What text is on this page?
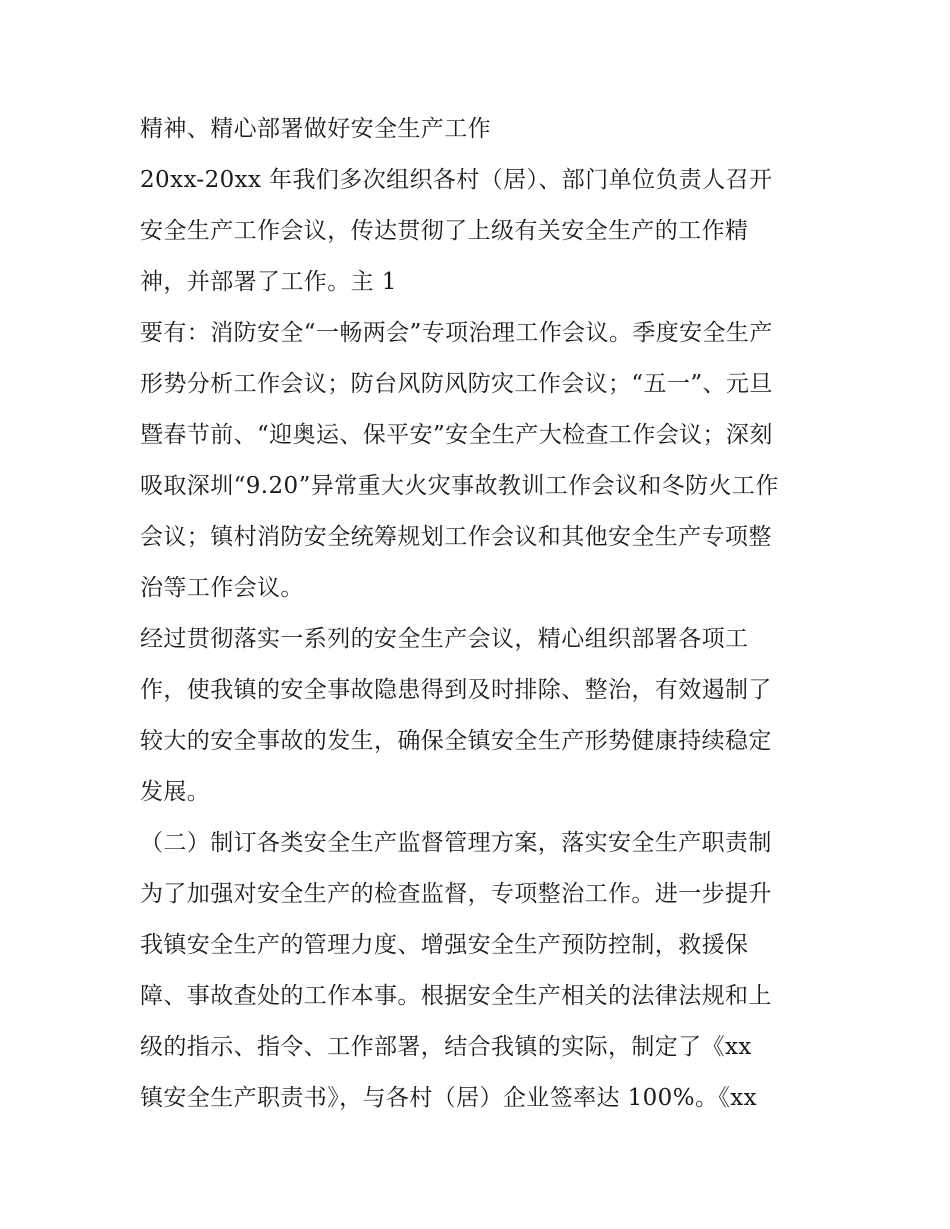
精神、精心部署做好安全生产工作
20xx-20xx 年我们多次组织各村（居）、部门单位负责人召开
安全生产工作会议，传达贯彻了上级有关安全生产的工作精
神，并部署了工作。主 1
要有：消防安全“一畅两会”专项治理工作会议。季度安全生产
形势分析工作会议；防台风防风防灾工作会议；“五一”、元旦
暨春节前、“迎奥运、保平安”安全生产大检查工作会议；深刻
吸取深圳“9.20”异常重大火灾事故教训工作会议和冬防火工作
会议；镇村消防安全统筹规划工作会议和其他安全生产专项整
治等工作会议。
经过贯彻落实一系列的安全生产会议，精心组织部署各项工
作，使我镇的安全事故隐患得到及时排除、整治，有效遏制了
较大的安全事故的发生，确保全镇安全生产形势健康持续稳定
发展。
（二）制订各类安全生产监督管理方案，落实安全生产职责制
为了加强对安全生产的检查监督，专项整治工作。进一步提升
我镇安全生产的管理力度、增强安全生产预防控制，救援保
障、事故查处的工作本事。根据安全生产相关的法律法规和上
级的指示、指令、工作部署，结合我镇的实际，制定了《xx
镇安全生产职责书》，与各村（居）企业签率达 100%。《xx
